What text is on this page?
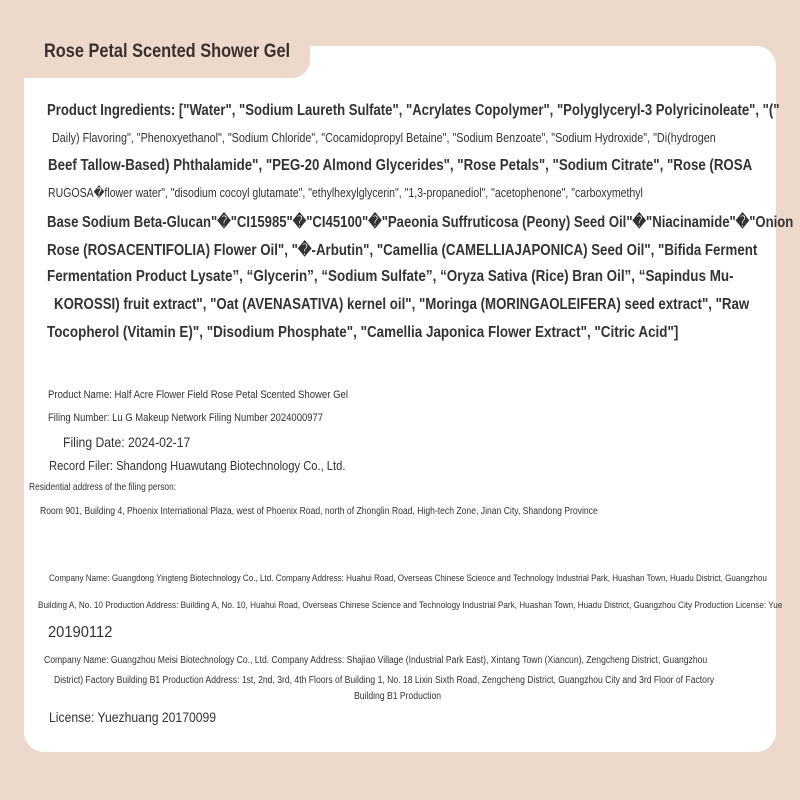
Rose Petal Scented Shower Gel
Product Ingredients: ["Water", "Sodium Laureth Sulfate", "Acrylates Copolymer", "Polyglyceryl-3 Polyricinoleate", "("
Daily) Flavoring", "Phenoxyethanol", "Sodium Chloride", "Cocamidopropyl Betaine", "Sodium Benzoate", "Sodium Hydroxide", "Di(hydrogen
Beef Tallow-Based) Phthalamide", "PEG-20 Almond Glycerides", "Rose Petals", "Sodium Citrate", "Rose (ROSA
RUGOSA�flower water", "disodium cocoyl glutamate", "ethylhexylglycerin", "1,3-propanediol", "acetophenone", "carboxymethyl
Base Sodium Beta-Glucan"�"CI15985"�"CI45100"�"Paeonia Suffruticosa (Peony) Seed Oil"�"Niacinamide"�"Onion
Rose (ROSACENTIFOLIA) Flower Oil", "�-Arbutin", "Camellia (CAMELLIAJAPONICA) Seed Oil", "Bifida Ferment
Fermentation Product Lysate”, “Glycerin”, “Sodium Sulfate”, “Oryza Sativa (Rice) Bran Oil”, “Sapindus Mu-
KOROSSI) fruit extract", "Oat (AVENASATIVA) kernel oil", "Moringa (MORINGAOLEIFERA) seed extract", "Raw
Tocopherol (Vitamin E)", "Disodium Phosphate", "Camellia Japonica Flower Extract", "Citric Acid"]
Product Name: Half Acre Flower Field Rose Petal Scented Shower Gel
Filing Number: Lu G Makeup Network Filing Number 2024000977
Filing Date: 2024-02-17
Record Filer: Shandong Huawutang Biotechnology Co., Ltd.
Residential address of the filing person:
Room 901, Building 4, Phoenix International Plaza, west of Phoenix Road, north of Zhonglin Road, High-tech Zone, Jinan City, Shandong Province
Company Name: Guangdong Yingteng Biotechnology Co., Ltd. Company Address: Huahui Road, Overseas Chinese Science and Technology Industrial Park, Huashan Town, Huadu District, Guangzhou
Building A, No. 10 Production Address: Building A, No. 10, Huahui Road, Overseas Chinese Science and Technology Industrial Park, Huashan Town, Huadu District, Guangzhou City Production License: Yue
20190112
Company Name: Guangzhou Meisi Biotechnology Co., Ltd. Company Address: Shajiao Village (Industrial Park East), Xintang Town (Xiancun), Zengcheng District, Guangzhou
District) Factory Building B1 Production Address: 1st, 2nd, 3rd, 4th Floors of Building 1, No. 18 Lixin Sixth Road, Zengcheng District, Guangzhou City and 3rd Floor of Factory
Building B1 Production
License: Yuezhuang 20170099
